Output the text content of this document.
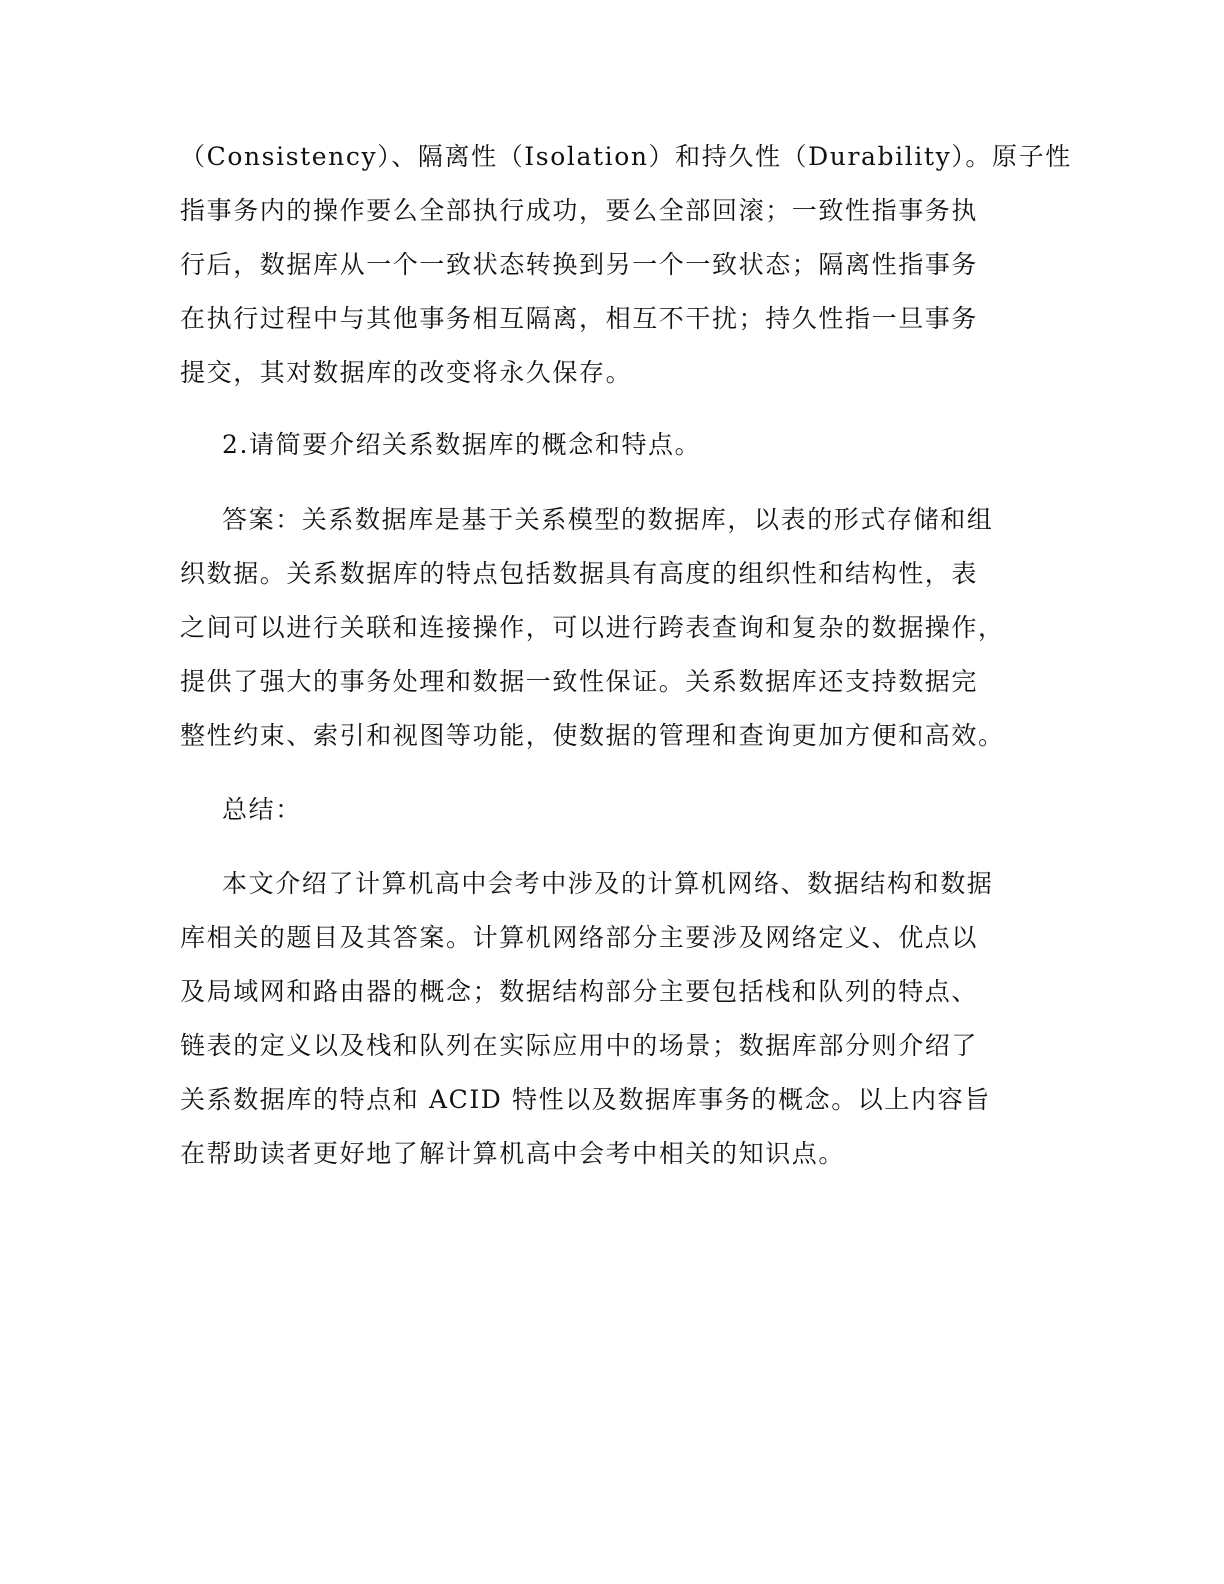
（Consistency）、隔离性（Isolation）和持久性（Durability）。原子性
指事务内的操作要么全部执行成功，要么全部回滚；一致性指事务执
行后，数据库从一个一致状态转换到另一个一致状态；隔离性指事务
在执行过程中与其他事务相互隔离，相互不干扰；持久性指一旦事务
提交，其对数据库的改变将永久保存。
2.请简要介绍关系数据库的概念和特点。
答案：关系数据库是基于关系模型的数据库，以表的形式存储和组
织数据。关系数据库的特点包括数据具有高度的组织性和结构性，表
之间可以进行关联和连接操作，可以进行跨表查询和复杂的数据操作，
提供了强大的事务处理和数据一致性保证。关系数据库还支持数据完
整性约束、索引和视图等功能，使数据的管理和查询更加方便和高效。
总结：
本文介绍了计算机高中会考中涉及的计算机网络、数据结构和数据
库相关的题目及其答案。计算机网络部分主要涉及网络定义、优点以
及局域网和路由器的概念；数据结构部分主要包括栈和队列的特点、
链表的定义以及栈和队列在实际应用中的场景；数据库部分则介绍了
关系数据库的特点和 ACID 特性以及数据库事务的概念。以上内容旨
在帮助读者更好地了解计算机高中会考中相关的知识点。
